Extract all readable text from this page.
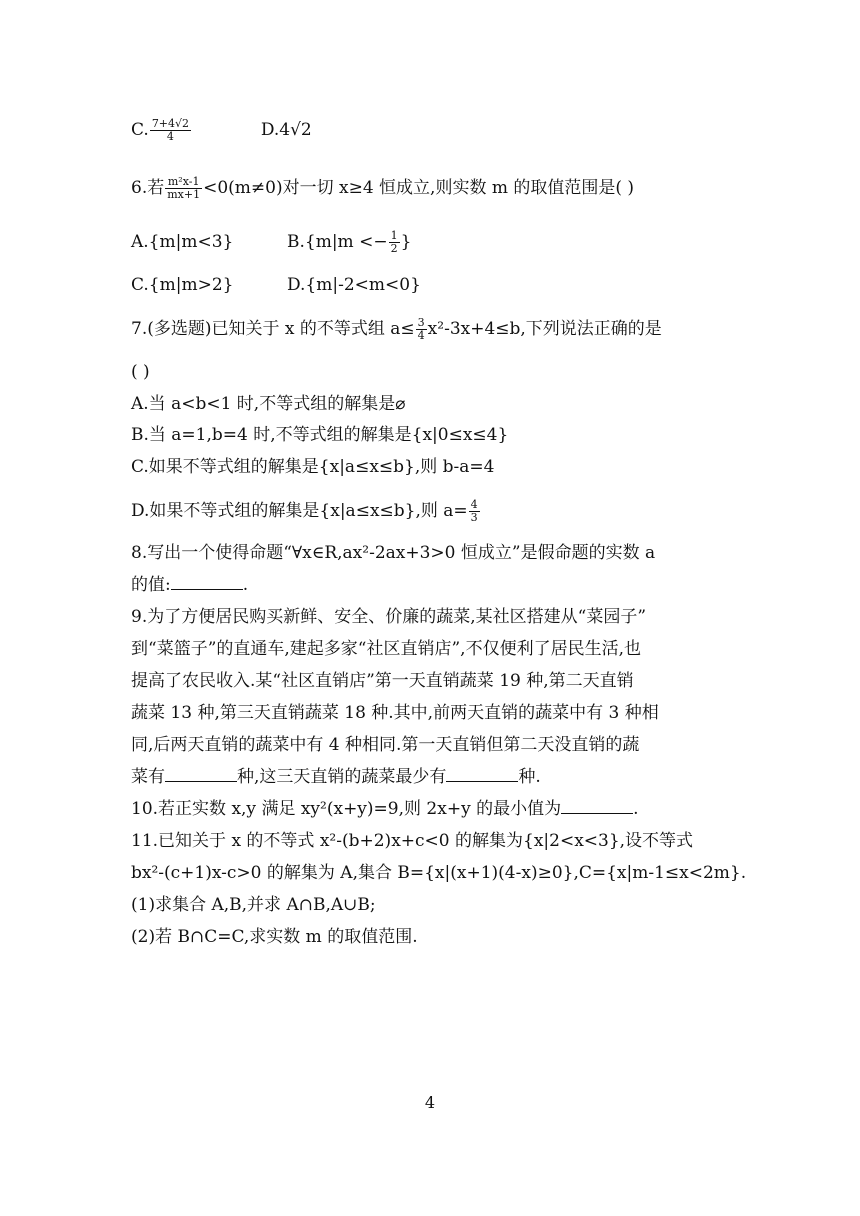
C. $\frac{7+4√2}{4}$	D.4√2
6.若 $\frac{\text{m²x-1}}{mx+1} <0(m\ne 0)$对一切 x≥4 恒成立,则实数 m 的取值范围是( )
A.{m|m<3}	$B.\{m|m <- \frac{1}{2}$ }
C.{m|m>2}	D.{m|-2<m<0}
7.(多选题)已知关于 x 的不等式组 $a\le \frac{3}{4} x^2-3x+4\le b$,下列说法正确的是
( )
A.当 a<b<1 时,不等式组的解集是⌀
B.当 a=1,b=4 时,不等式组的解集是{x|0≤x≤4}
C.如果不等式组的解集是{x|a≤x≤b},则 b-a=4
D.如果不等式组的解集是{x|a≤x≤b},则 $a= \frac{4}{3}$
8.写出一个使得命题“∀x∈R,ax²-2ax+3>0 恒成立”是假命题的实数 a
的值:	.
9.为了方便居民购买新鲜、安全、价廉的蔬菜,某社区搭建从“菜园子”
到“菜篮子”的直通车,建起多家“社区直销店”,不仅便利了居民生活,也
提高了农民收入.某“社区直销店”第一天直销蔬菜 19 种,第二天直销
蔬菜 13 种,第三天直销蔬菜 18 种.其中,前两天直销的蔬菜中有 3 种相
同,后两天直销的蔬菜中有 4 种相同.第一天直销但第二天没直销的蔬
菜有	种,这三天直销的蔬菜最少有	种.
10.若正实数 x,y 满足 xy²(x+y)=9,则 2x+y 的最小值为	.
11.已知关于 x 的不等式 x²-(b+2)x+c<0 的解集为{x|2<x<3},设不等式
bx²-(c+1)x-c>0 的解集为 A,集合 B={x|(x+1)(4-x)≥0},C={x|m-1≤x<2m}.
(1)求集合 A,B,并求 A∩B,A∪B;
(2)若 B∩C=C,求实数 m 的取值范围.
4
